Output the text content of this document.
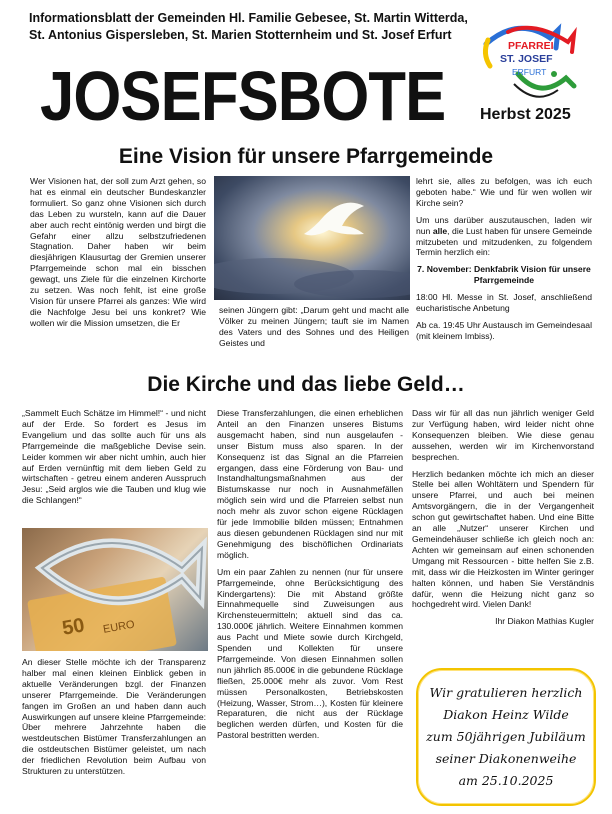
Informationsblatt der Gemeinden Hl. Familie Gebesee, St. Martin Witterda,
St. Antonius Gispersleben, St. Marien Stotternheim und St. Josef Erfurt
JOSEFSBOTE Herbst 2025
PFARREI
ST. JOSEF
ERFURT
Eine Vision für unsere Pfarrgemeinde
Wer Visionen hat, der soll zum Arzt gehen, so hat es einmal ein deutscher Bundeskanzler formuliert. So ganz ohne Visionen sich durch das Leben zu wursteln, kann auf die Dauer aber auch recht eintönig werden und birgt die Gefahr einer allzu selbstzufriedenen Stagnation. Daher haben wir beim diesjährigen Klausurtag der Gremien unserer Pfarrgemeinde schon mal ein bisschen gewagt, uns Ziele für die einzelnen Kirchorte zu setzen. Was noch fehlt, ist eine große Vision für unsere Pfarrei als ganzes: Wie wird die Nachfolge Jesu bei uns konkret? Wie wollen wir die Mission umsetzen, die Er
seinen Jüngern gibt: „Darum geht und macht alle Völker zu meinen Jüngern; tauft sie im Namen des Vaters und des Sohnes und des Heiligen Geistes und

lehrt sie, alles zu befolgen, was ich euch geboten habe.“ Wie und für wen wollen wir Kirche sein?

Um uns darüber auszutauschen, laden wir nun alle, die Lust haben für unsere Gemeinde mitzubeten und mitzudenken, zu folgendem Termin herzlich ein:

7. November: Denkfabrik Vision für unsere Pfarrgemeinde

18:00 Hl. Messe in St. Josef, anschließend eucharistische Anbetung

Ab ca. 19:45 Uhr Austausch im Gemeindesaal (mit kleinem Imbiss).

Die Kirche und das liebe Geld…

„Sammelt Euch Schätze im Himmel!“ - und nicht auf der Erde. So fordert es Jesus im Evangelium und das sollte auch für uns als Pfarrgemeinde die maßgebliche Devise sein. Leider kommen wir aber nicht umhin, auch hier auf Erden vernünftig mit dem lieben Geld zu wirtschaften - getreu einem anderen Ausspruch Jesu: „Seid arglos wie die Tauben und klug wie die Schlangen!“

50 EURO
An dieser Stelle möchte ich der Transparenz halber mal einen kleinen Einblick geben in aktuelle Veränderungen bzgl. der Finanzen unserer Pfarrgemeinde. Die Veränderungen fangen im Großen an und haben dann auch Auswirkungen auf unsere kleine Pfarrgemeinde: Über mehrere Jahrzehnte haben die westdeutschen Bistümer Transferzahlungen an die ostdeutschen Bistümer geleistet, um nach der friedlichen Revolution beim Aufbau von Strukturen zu unterstützen.

Diese Transferzahlungen, die einen erheblichen Anteil an den Finanzen unseres Bistums ausgemacht haben, sind nun ausgelaufen - unser Bistum muss also sparen. In der Konsequenz ist das Signal an die Pfarreien ergangen, dass eine Förderung von Bau- und Instandhaltungsmaßnahmen aus der Bistumskasse nur noch in Ausnahmefällen möglich sein wird und die Pfarreien selbst nun noch mehr als zuvor schon eigene Rücklagen für jede Immobilie bilden müssen; Entnahmen aus diesen gebundenen Rücklagen sind nur mit Genehmigung des bischöflichen Ordinariats möglich.

Um ein paar Zahlen zu nennen (nur für unsere Pfarrgemeinde, ohne Berücksichtigung des Kindergartens): Die mit Abstand größte Einnahmequelle sind Zuweisungen aus Kirchensteuermitteln; aktuell sind das ca. 130.000€ jährlich. Weitere Einnahmen kommen aus Pacht und Miete sowie durch Kirchgeld, Spenden und Kollekten für unsere Pfarrgemeinde. Von diesen Einnahmen sollen nun jährlich 85.000€ in die gebundene Rücklage fließen, 25.000€ mehr als zuvor. Vom Rest müssen Personalkosten, Betriebskosten (Heizung, Wasser, Strom…), Kosten für kleinere Reparaturen, die nicht aus der Rücklage beglichen werden dürfen, und Kosten für die Pastoral bestritten werden.

Dass wir für all das nun jährlich weniger Geld zur Verfügung haben, wird leider nicht ohne Konsequenzen bleiben. Wie diese genau aussehen, werden wir im Kirchenvorstand besprechen.

Herzlich bedanken möchte ich mich an dieser Stelle bei allen Wohltätern und Spendern für unsere Pfarrei, und auch bei meinen Amtsvorgängern, die in der Vergangenheit schon gut gewirtschaftet haben. Und eine Bitte an alle „Nutzer“ unserer Kirchen und Gemeindehäuser schließe ich gleich noch an: Achten wir gemeinsam auf einen schonenden Umgang mit Ressourcen - bitte helfen Sie z.B. mit, dass wir die Heizkosten im Winter geringer halten können, und haben Sie Verständnis dafür, wenn die Heizung nicht ganz so hochgedreht wird. Vielen Dank!

Ihr Diakon Mathias Kugler

Wir gratulieren herzlich
Diakon Heinz Wilde
zum 50jährigen Jubiläum
seiner Diakonenweihe
am 25.10.2025
